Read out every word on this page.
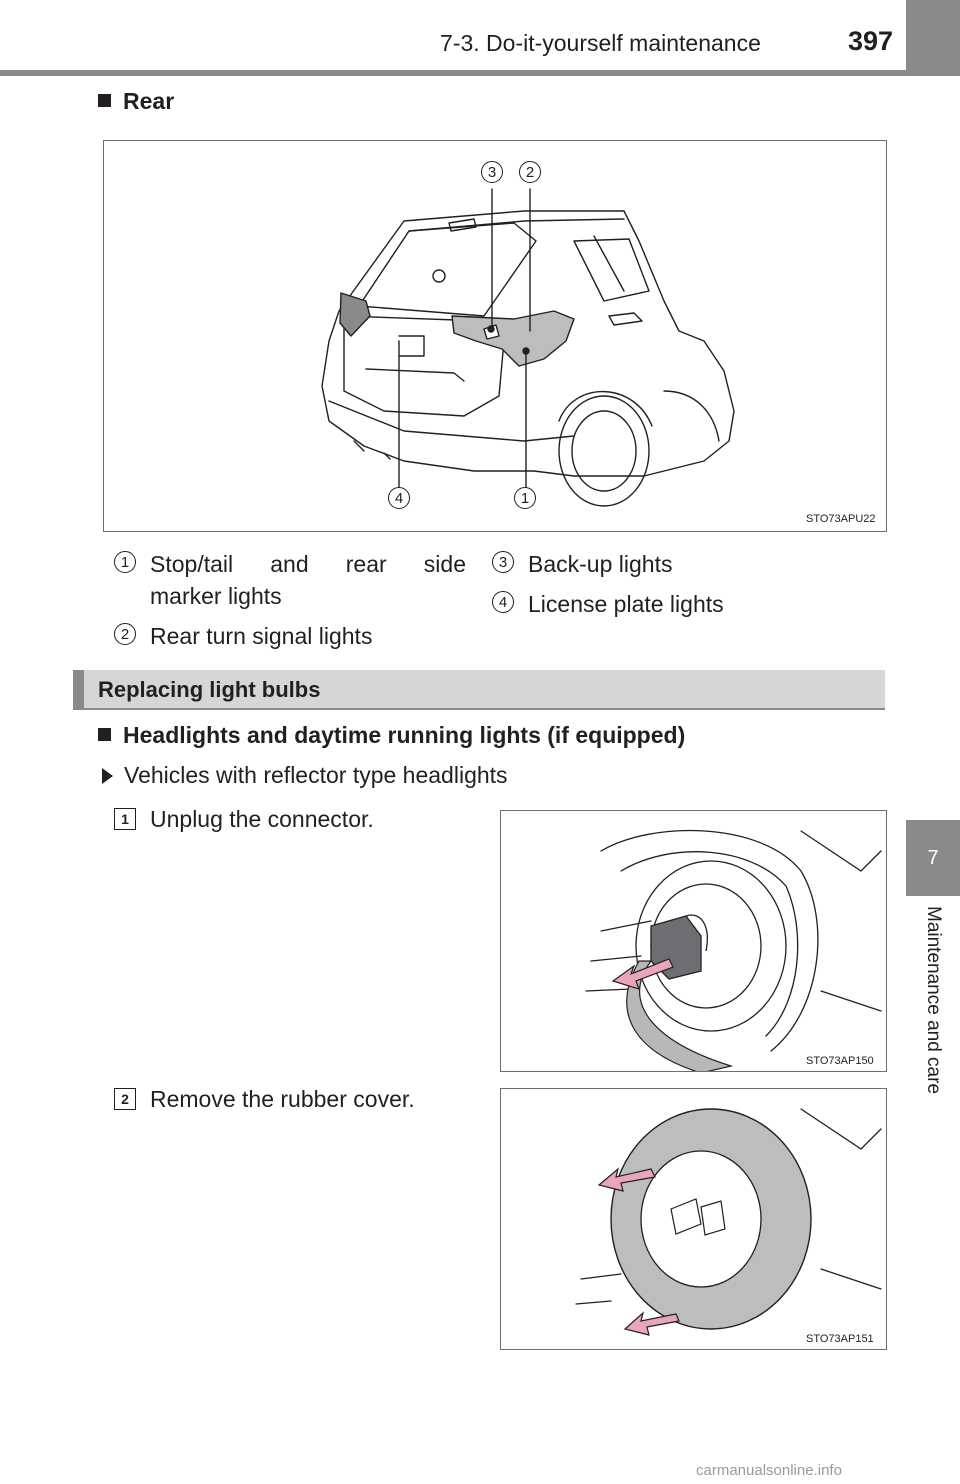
7-3. Do-it-yourself maintenance	397
7
Maintenance and care
Rear
3	2
4	1
STO73APU22
1 Stop/tail and rear side
marker lights
2 Rear turn signal lights
3 Back-up lights
4 License plate lights
Replacing light bulbs
Headlights and daytime running lights (if equipped)
Vehicles with reflector type headlights
1 Unplug the connector.
STO73AP150
2 Remove the rubber cover.
STO73AP151
carmanualsonline.info
